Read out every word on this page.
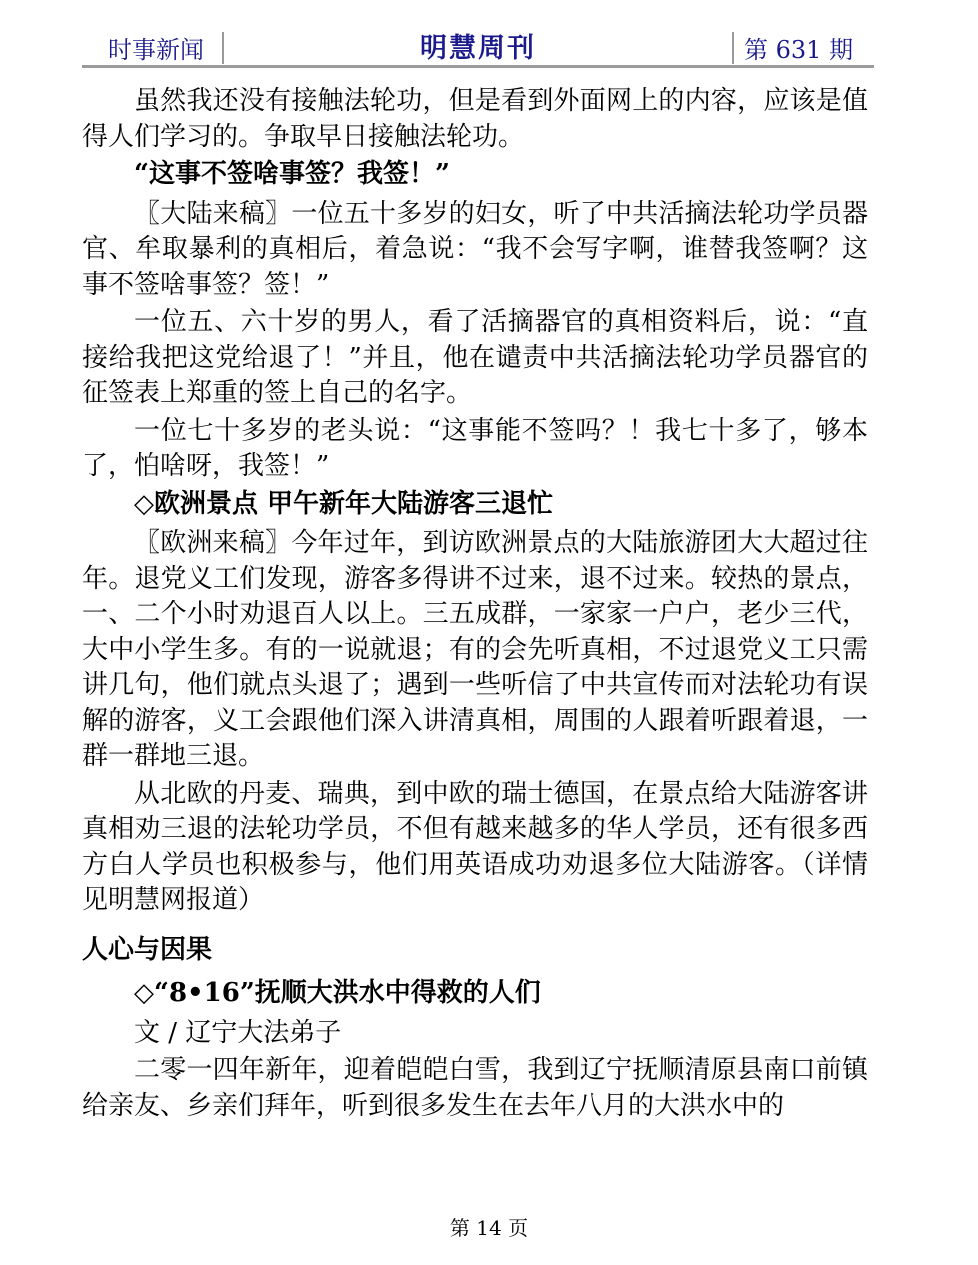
时事新闻	明慧周刊	第 631 期
虽然我还没有接触法轮功，但是看到外面网上的内容，应该是值得人们学习的。争取早日接触法轮功。
“这事不签啥事签？我签！”
〖大陆来稿〗一位五十多岁的妇女，听了中共活摘法轮功学员器官、牟取暴利的真相后，着急说：“我不会写字啊，谁替我签啊？这事不签啥事签？签！”
一位五、六十岁的男人，看了活摘器官的真相资料后，说：“直接给我把这党给退了！”并且，他在谴责中共活摘法轮功学员器官的征签表上郑重的签上自己的名字。
一位七十多岁的老头说：“这事能不签吗？！我七十多了，够本了，怕啥呀，我签！”
◇欧洲景点 甲午新年大陆游客三退忙
〖欧洲来稿〗今年过年，到访欧洲景点的大陆旅游团大大超过往年。退党义工们发现，游客多得讲不过来，退不过来。较热的景点，一、二个小时劝退百人以上。三五成群，一家家一户户，老少三代，大中小学生多。有的一说就退；有的会先听真相，不过退党义工只需讲几句，他们就点头退了；遇到一些听信了中共宣传而对法轮功有误解的游客，义工会跟他们深入讲清真相，周围的人跟着听跟着退，一群一群地三退。
从北欧的丹麦、瑞典，到中欧的瑞士德国，在景点给大陆游客讲真相劝三退的法轮功学员，不但有越来越多的华人学员，还有很多西方白人学员也积极参与，他们用英语成功劝退多位大陆游客。（详情见明慧网报道）
人心与因果
◇“8•16”抚顺大洪水中得救的人们
文 / 辽宁大法弟子
二零一四年新年，迎着皑皑白雪，我到辽宁抚顺清原县南口前镇给亲友、乡亲们拜年，听到很多发生在去年八月的大洪水中的
第 14 页
